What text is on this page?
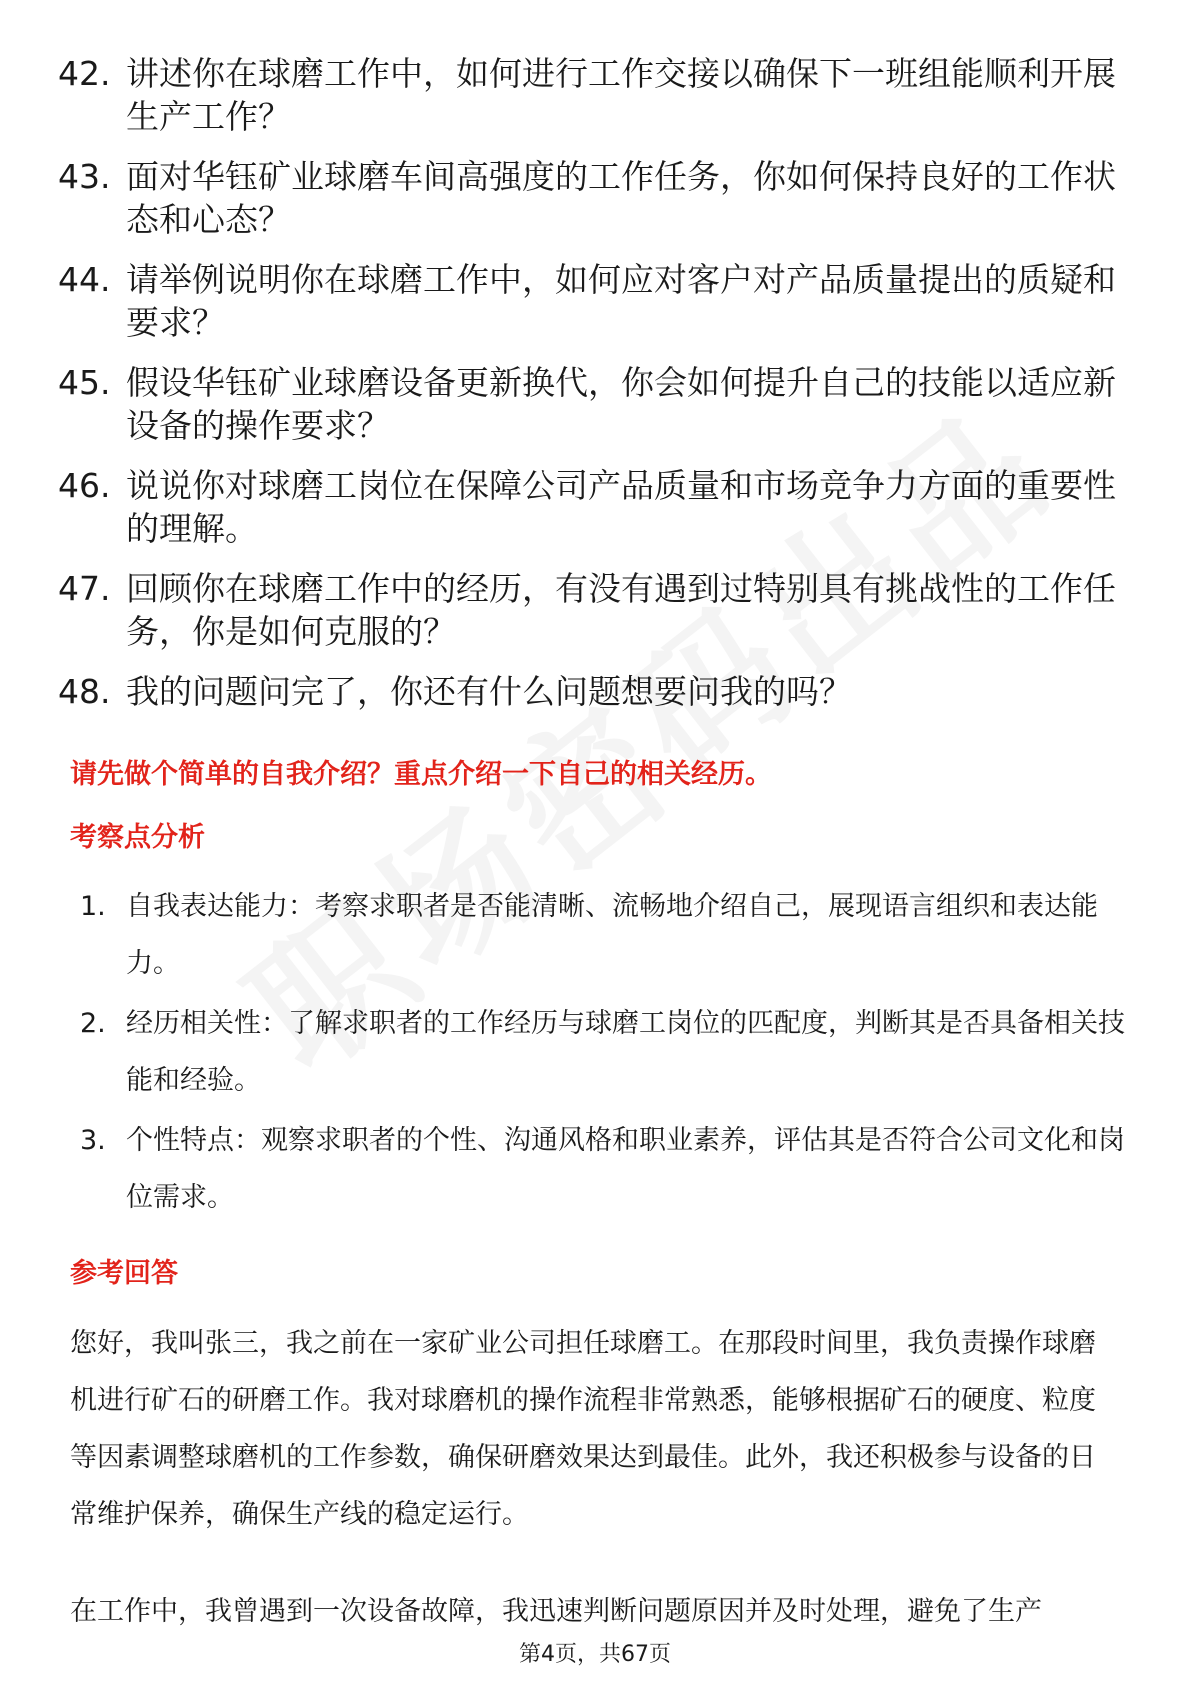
42. 讲述你在球磨工作中，如何进行工作交接以确保下一班组能顺利开展生产工作？
43. 面对华钰矿业球磨车间高强度的工作任务，你如何保持良好的工作状态和心态？
44. 请举例说明你在球磨工作中，如何应对客户对产品质量提出的质疑和要求？
45. 假设华钰矿业球磨设备更新换代，你会如何提升自己的技能以适应新设备的操作要求？
46. 说说你对球磨工岗位在保障公司产品质量和市场竞争力方面的重要性的理解。
47. 回顾你在球磨工作中的经历，有没有遇到过特别具有挑战性的工作任务，你是如何克服的？
48. 我的问题问完了，你还有什么问题想要问我的吗？
请先做个简单的自我介绍？重点介绍一下自己的相关经历。
考察点分析
1. 自我表达能力：考察求职者是否能清晰、流畅地介绍自己，展现语言组织和表达能力。
2. 经历相关性：了解求职者的工作经历与球磨工岗位的匹配度，判断其是否具备相关技能和经验。
3. 个性特点：观察求职者的个性、沟通风格和职业素养，评估其是否符合公司文化和岗位需求。
参考回答
您好，我叫张三，我之前在一家矿业公司担任球磨工。在那段时间里，我负责操作球磨机进行矿石的研磨工作。我对球磨机的操作流程非常熟悉，能够根据矿石的硬度、粒度等因素调整球磨机的工作参数，确保研磨效果达到最佳。此外，我还积极参与设备的日常维护保养，确保生产线的稳定运行。
在工作中，我曾遇到一次设备故障，我迅速判断问题原因并及时处理，避免了生产
第4页，共67页
